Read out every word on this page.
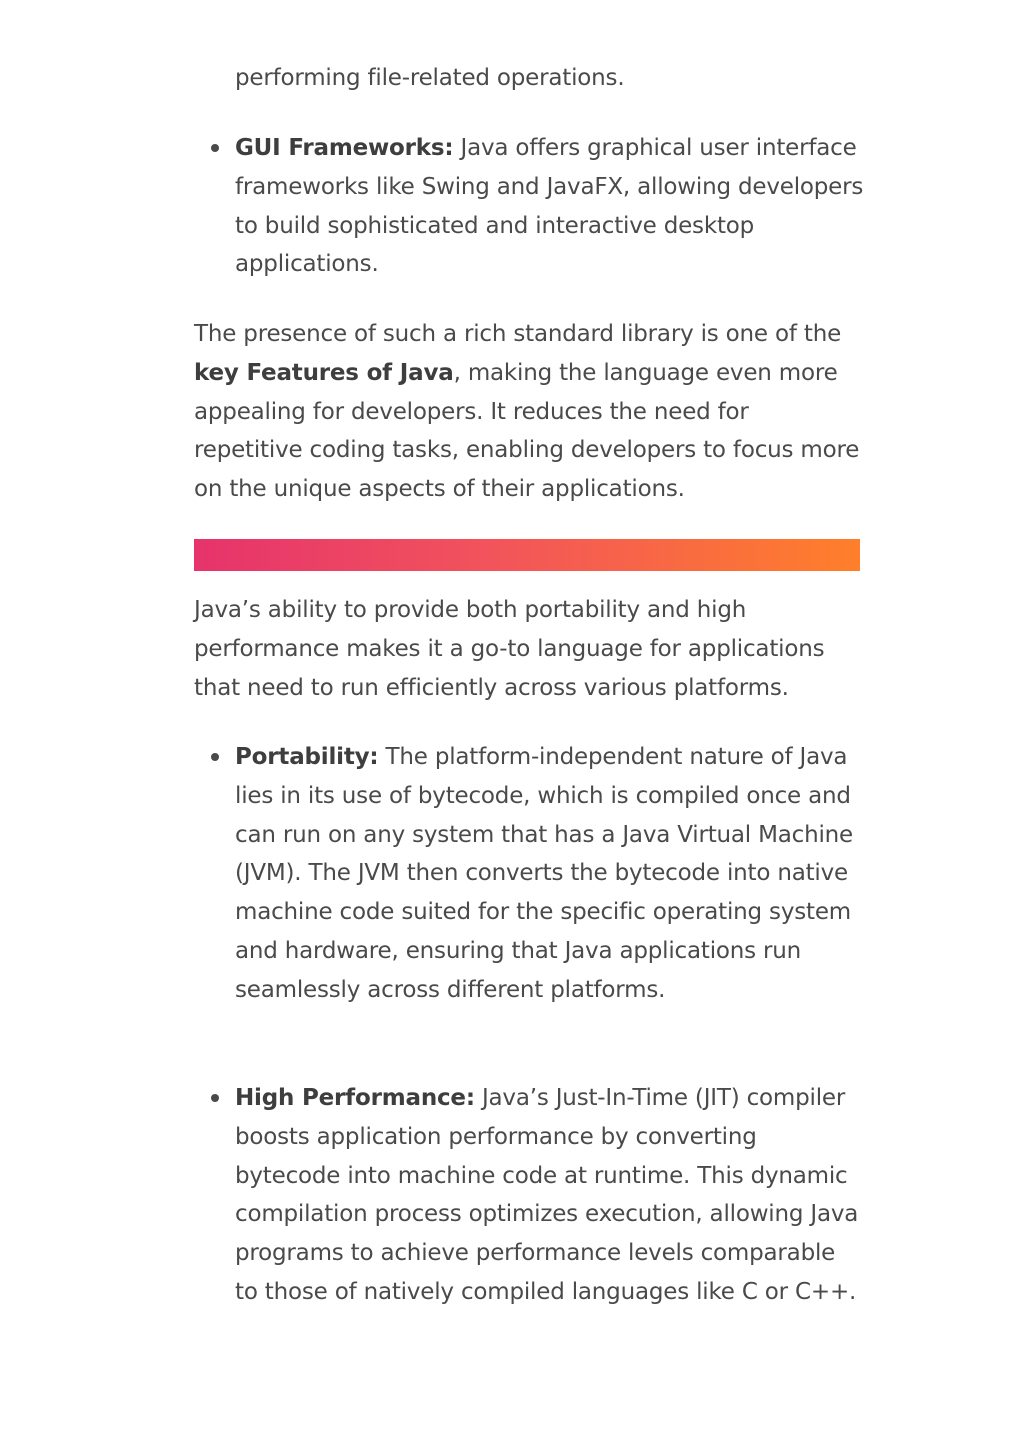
performing file-related operations.
GUI Frameworks: Java offers graphical user interface frameworks like Swing and JavaFX, allowing developers to build sophisticated and interactive desktop applications.
The presence of such a rich standard library is one of the key Features of Java, making the language even more appealing for developers. It reduces the need for repetitive coding tasks, enabling developers to focus more on the unique aspects of their applications.
Java’s ability to provide both portability and high performance makes it a go-to language for applications that need to run efficiently across various platforms.
Portability: The platform-independent nature of Java lies in its use of bytecode, which is compiled once and can run on any system that has a Java Virtual Machine (JVM). The JVM then converts the bytecode into native machine code suited for the specific operating system and hardware, ensuring that Java applications run seamlessly across different platforms.
High Performance: Java’s Just-In-Time (JIT) compiler boosts application performance by converting bytecode into machine code at runtime. This dynamic compilation process optimizes execution, allowing Java programs to achieve performance levels comparable to those of natively compiled languages like C or C++.
